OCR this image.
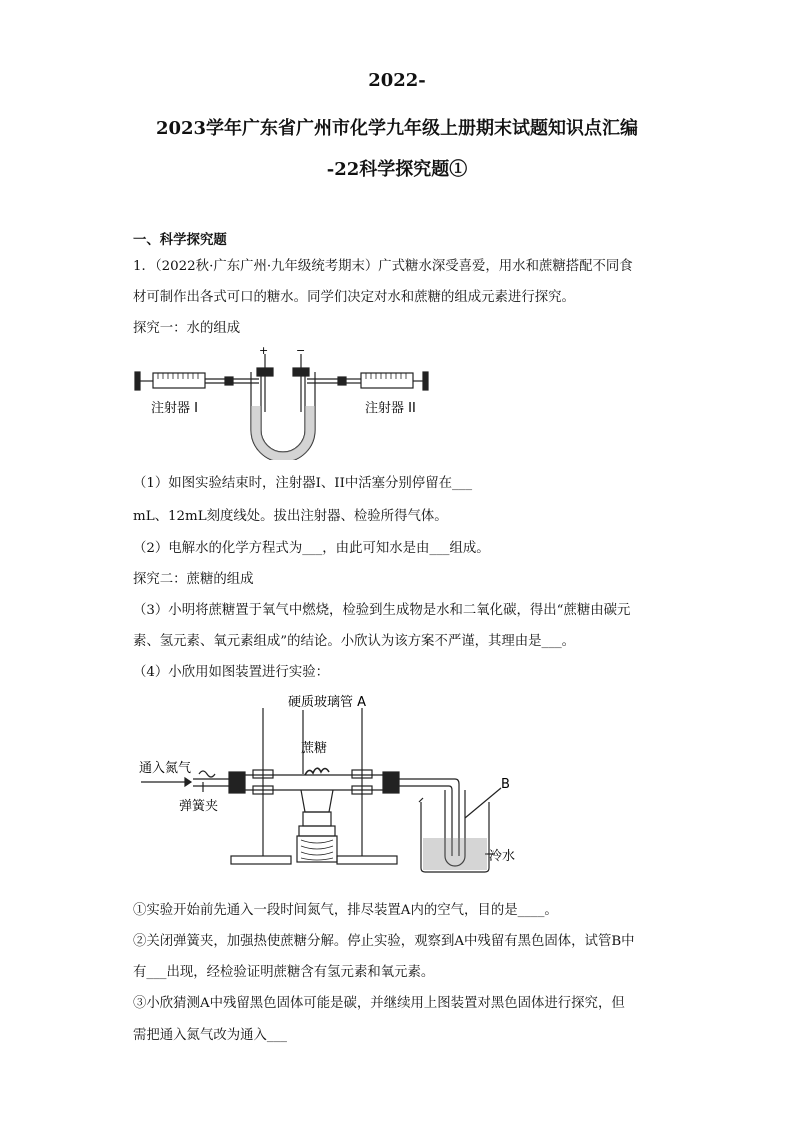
2022-
2023学年广东省广州市化学九年级上册期末试题知识点汇编
-22科学探究题①
一、科学探究题
1．（2022秋·广东广州·九年级统考期末）广式糖水深受喜爱，用水和蔗糖搭配不同食
材可制作出各式可口的糖水。同学们决定对水和蔗糖的组成元素进行探究。
探究一：水的组成
+	−
注射器 I	注射器 II
（1）如图实验结束时，注射器I、II中活塞分别停留在___
mL、12mL刻度线处。拔出注射器、检验所得气体。
（2）电解水的化学方程式为___，由此可知水是由___组成。
探究二：蔗糖的组成
（3）小明将蔗糖置于氧气中燃烧，检验到生成物是水和二氧化碳，得出“蔗糖由碳元
素、氢元素、氧元素组成”的结论。小欣认为该方案不严谨，其理由是___。
（4）小欣用如图装置进行实验：
硬质玻璃管 A
蔗糖
通入氮气
弹簧夹
B
冷水
①实验开始前先通入一段时间氮气，排尽装置A内的空气，目的是____。
②关闭弹簧夹，加强热使蔗糖分解。停止实验，观察到A中残留有黑色固体，试管B中
有___出现，经检验证明蔗糖含有氢元素和氧元素。
③小欣猜测A中残留黑色固体可能是碳，并继续用上图装置对黑色固体进行探究，但
需把通入氮气改为通入___
